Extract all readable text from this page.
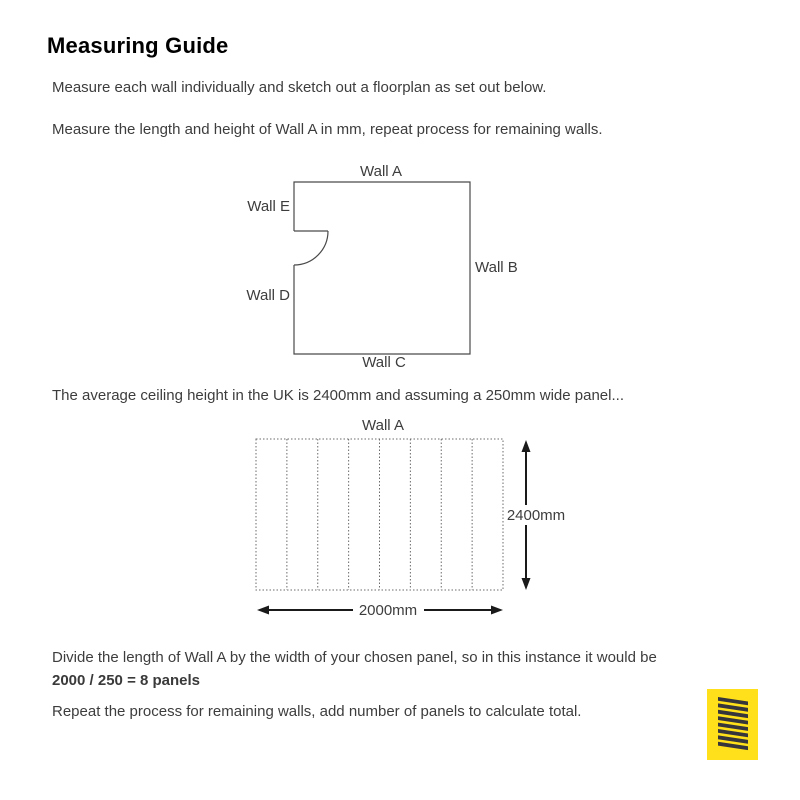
Measuring Guide
Measure each wall individually and sketch out a floorplan as set out below.
Measure the length and height of Wall A in mm, repeat process for remaining walls.
Wall A
Wall E
Wall B
Wall D
Wall C
The average ceiling height in the UK is 2400mm and assuming a 250mm wide panel...
Wall A
2400mm
2000mm
Divide the length of Wall A by the width of your chosen panel, so in this instance it would be
2000 / 250 = 8 panels
Repeat the process for remaining walls, add number of panels to calculate total.
